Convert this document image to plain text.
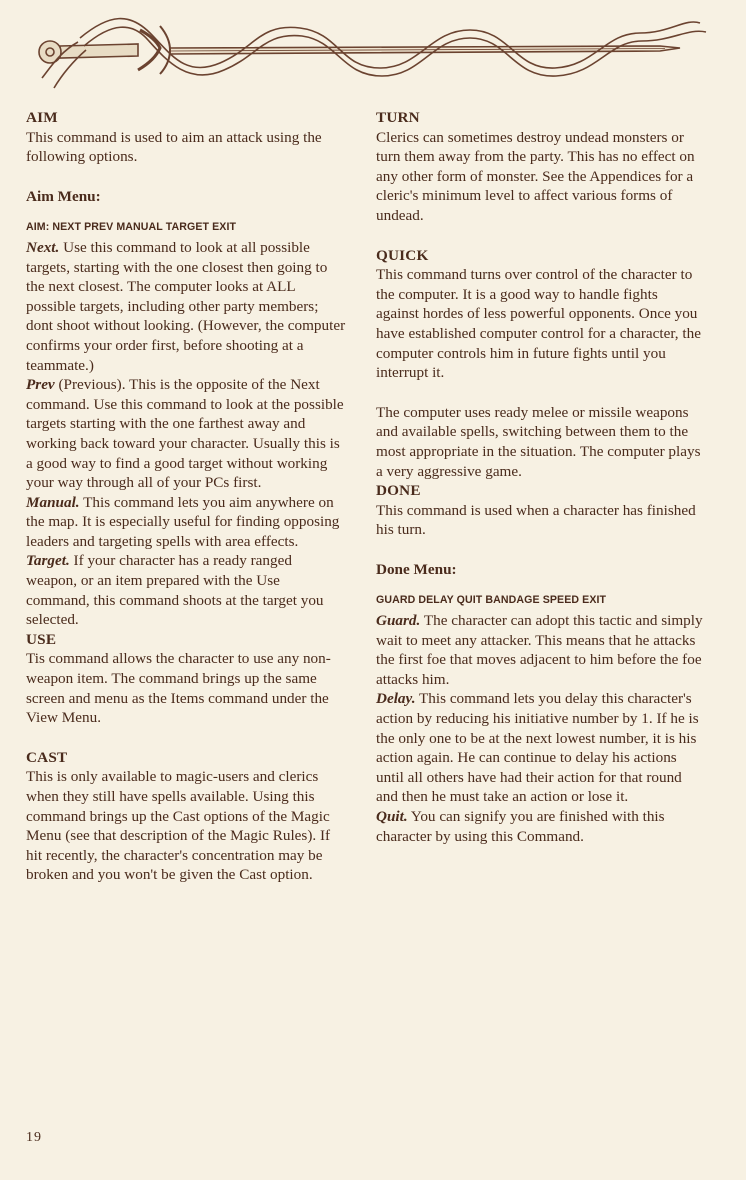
AIM

This command is used to aim an attack using the following options.

Aim Menu:

AIM: NEXT PREV MANUAL TARGET EXIT

Next. Use this command to look at all possible targets, starting with the one closest then going to the next closest. The computer looks at ALL possible targets, including other party members; dont shoot without looking. (However, the computer confirms your order first, before shooting at a teammate.)

Prev (Previous). This is the opposite of the Next command. Use this command to look at the possible targets starting with the one farthest away and working back toward your character. Usually this is a good way to find a good target without working your way through all of your PCs first.

Manual. This command lets you aim anywhere on the map. It is especially useful for finding opposing leaders and targeting spells with area effects.

Target. If your character has a ready ranged weapon, or an item prepared with the Use command, this command shoots at the target you selected.

USE

Tis command allows the character to use any non-weapon item. The command brings up the same screen and menu as the Items command under the View Menu.

CAST

This is only available to magic-users and clerics when they still have spells available. Using this command brings up the Cast options of the Magic Menu (see that description of the Magic Rules). If hit recently, the character's concentration may be broken and you won't be given the Cast option.

TURN

Clerics can sometimes destroy undead monsters or turn them away from the party. This has no effect on any other form of monster. See the Appendices for a cleric's minimum level to affect various forms of undead.

QUICK

This command turns over control of the character to the computer. It is a good way to handle fights against hordes of less powerful opponents. Once you have established computer control for a character, the computer controls him in future fights until you interrupt it.

The computer uses ready melee or missile weapons and available spells, switching between them to the most appropriate in the situation. The computer plays a very aggressive game.

DONE

This command is used when a character has finished his turn.

Done Menu:

GUARD DELAY QUIT BANDAGE SPEED EXIT

Guard. The character can adopt this tactic and simply wait to meet any attacker. This means that he attacks the first foe that moves adjacent to him before the foe attacks him.

Delay. This command lets you delay this character's action by reducing his initiative number by 1. If he is the only one to be at the next lowest number, it is his action again. He can continue to delay his actions until all others have had their action for that round and then he must take an action or lose it.

Quit. You can signify you are finished with this character by using this Command.

19
